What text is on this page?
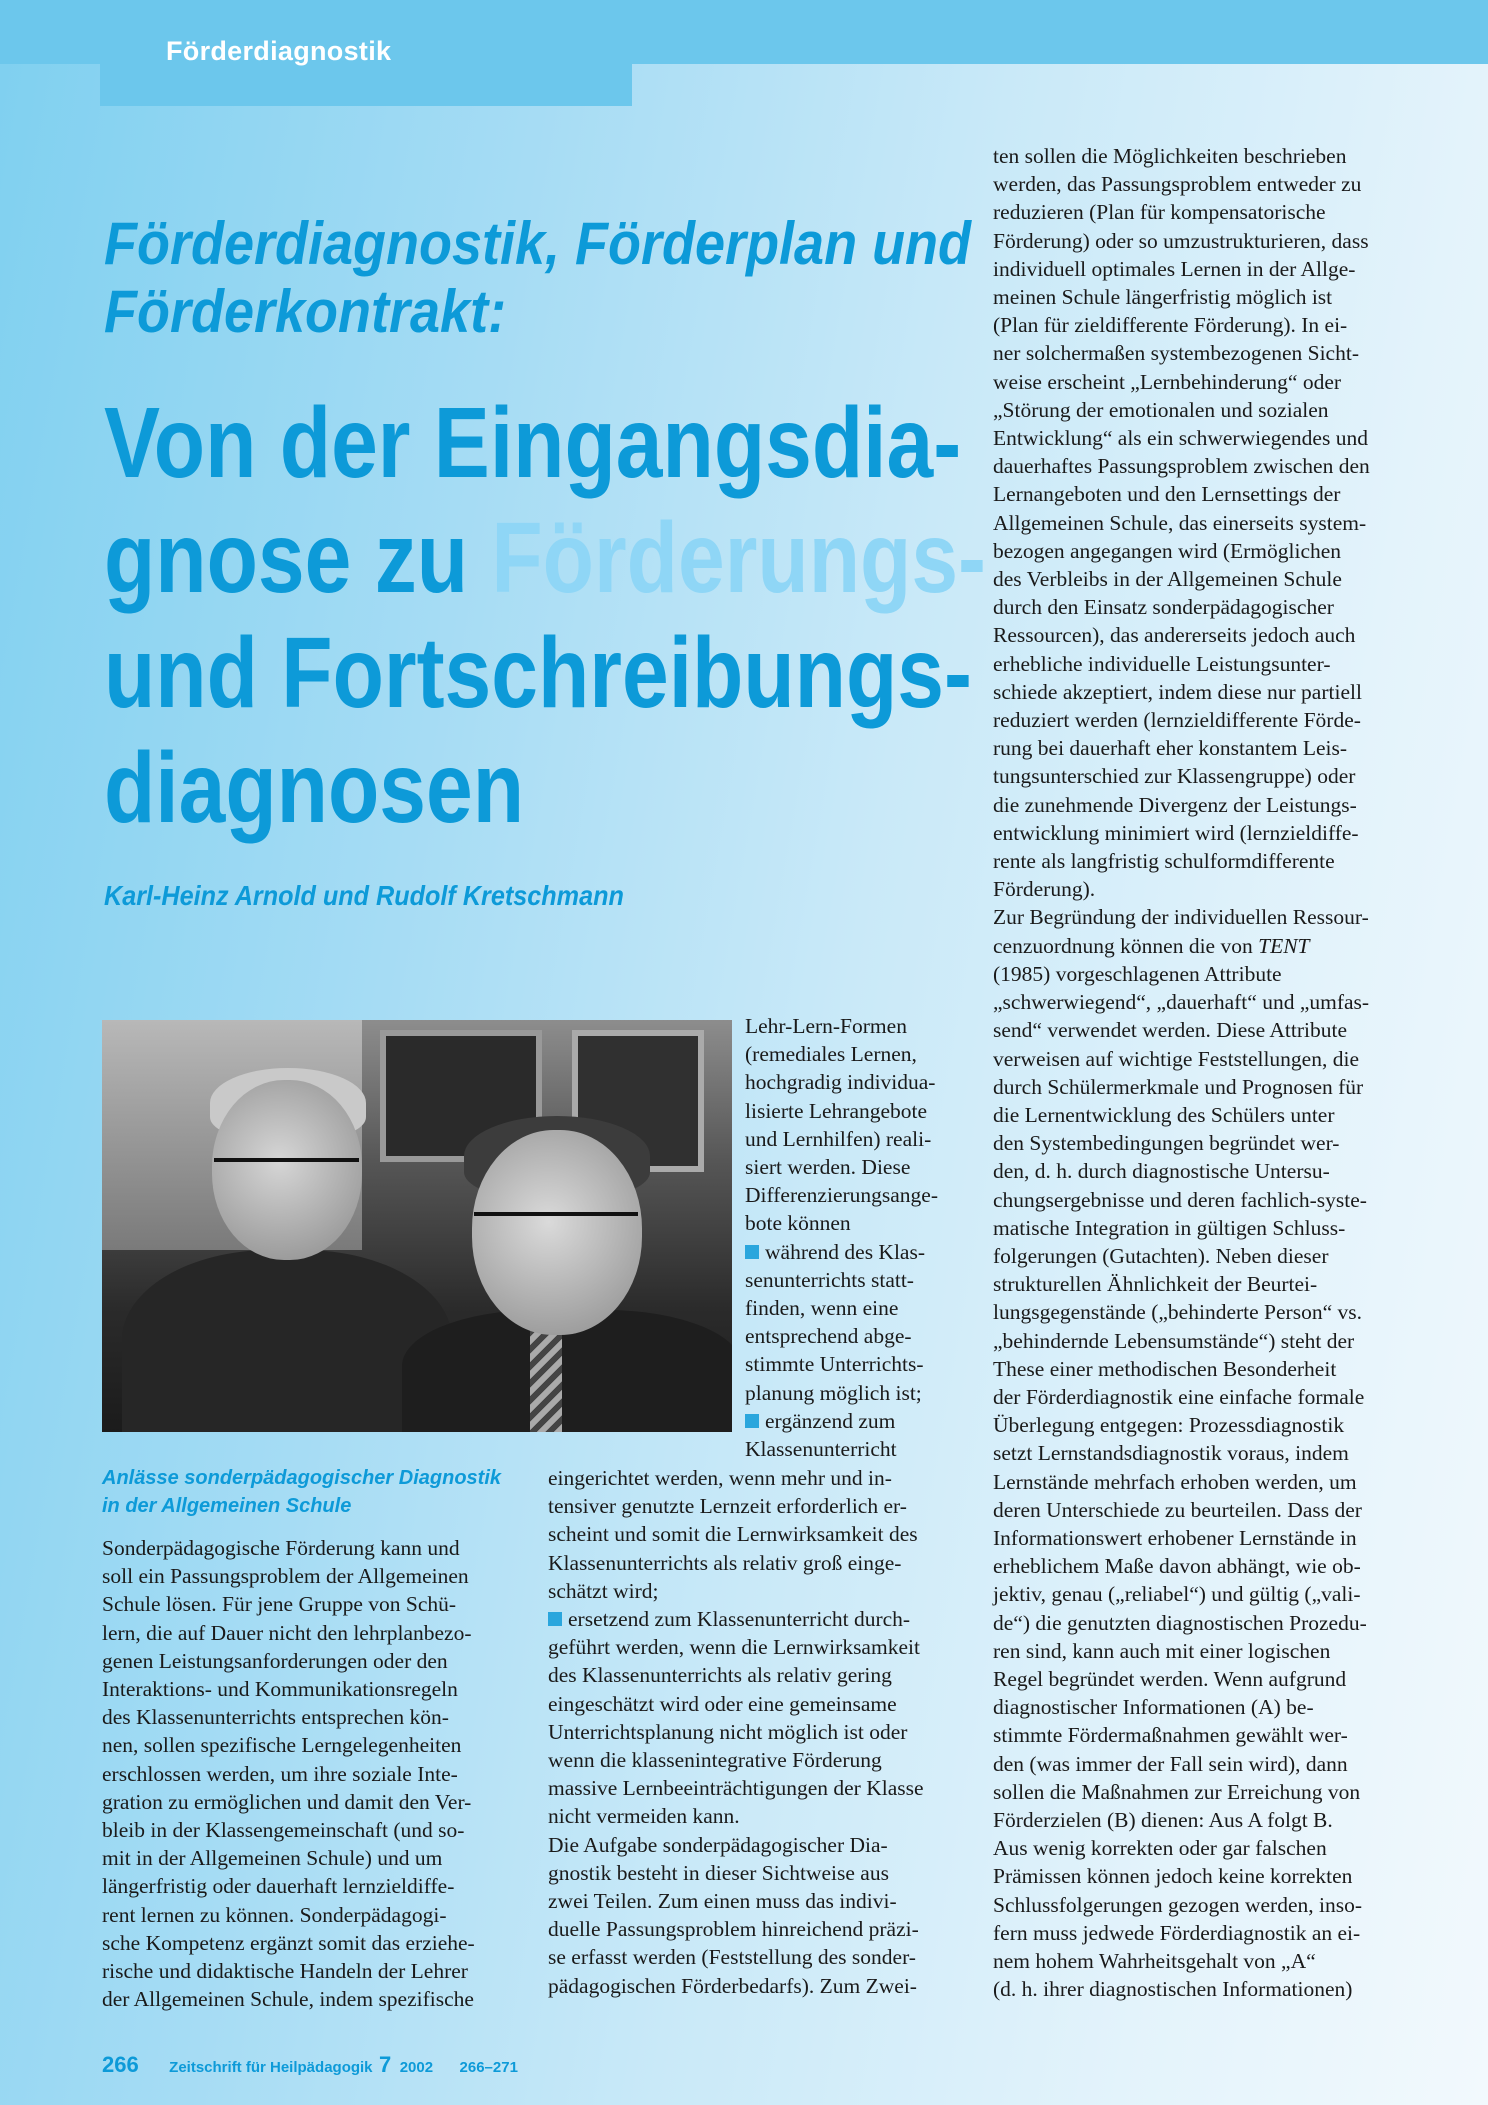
Förderdiagnostik
Förderdiagnostik, Förderplan und
Förderkontrakt:
Von der Eingangsdia-
gnose zu Förderungs-
und Fortschreibungs-
diagnosen
Karl-Heinz Arnold und Rudolf Kretschmann
Anlässe sonderpädagogischer Diagnostik
in der Allgemeinen Schule
Sonderpädagogische Förderung kann und
soll ein Passungsproblem der Allgemeinen
Schule lösen. Für jene Gruppe von Schü-
lern, die auf Dauer nicht den lehrplanbezo-
genen Leistungsanforderungen oder den
Interaktions- und Kommunikationsregeln
des Klassenunterrichts entsprechen kön-
nen, sollen spezifische Lerngelegenheiten
erschlossen werden, um ihre soziale Inte-
gration zu ermöglichen und damit den Ver-
bleib in der Klassengemeinschaft (und so-
mit in der Allgemeinen Schule) und um
längerfristig oder dauerhaft lernzieldiffe-
rent lernen zu können. Sonderpädagogi-
sche Kompetenz ergänzt somit das erziehe-
rische und didaktische Handeln der Lehrer
der Allgemeinen Schule, indem spezifische
Lehr-Lern-Formen
(remediales Lernen,
hochgradig individua-
lisierte Lehrangebote
und Lernhilfen) reali-
siert werden. Diese
Differenzierungsange-
bote können
während des Klas-
senunterrichts statt-
finden, wenn eine
entsprechend abge-
stimmte Unterrichts-
planung möglich ist;
ergänzend zum
Klassenunterricht
eingerichtet werden, wenn mehr und in-
tensiver genutzte Lernzeit erforderlich er-
scheint und somit die Lernwirksamkeit des
Klassenunterrichts als relativ groß einge-
schätzt wird;
ersetzend zum Klassenunterricht durch-
geführt werden, wenn die Lernwirksamkeit
des Klassenunterrichts als relativ gering
eingeschätzt wird oder eine gemeinsame
Unterrichtsplanung nicht möglich ist oder
wenn die klassenintegrative Förderung
massive Lernbeeinträchtigungen der Klasse
nicht vermeiden kann.
Die Aufgabe sonderpädagogischer Dia-
gnostik besteht in dieser Sichtweise aus
zwei Teilen. Zum einen muss das indivi-
duelle Passungsproblem hinreichend präzi-
se erfasst werden (Feststellung des sonder-
pädagogischen Förderbedarfs). Zum Zwei-
ten sollen die Möglichkeiten beschrieben
werden, das Passungsproblem entweder zu
reduzieren (Plan für kompensatorische
Förderung) oder so umzustrukturieren, dass
individuell optimales Lernen in der Allge-
meinen Schule längerfristig möglich ist
(Plan für zieldifferente Förderung). In ei-
ner solchermaßen systembezogenen Sicht-
weise erscheint „Lernbehinderung“ oder
„Störung der emotionalen und sozialen
Entwicklung“ als ein schwerwiegendes und
dauerhaftes Passungsproblem zwischen den
Lernangeboten und den Lernsettings der
Allgemeinen Schule, das einerseits system-
bezogen angegangen wird (Ermöglichen
des Verbleibs in der Allgemeinen Schule
durch den Einsatz sonderpädagogischer
Ressourcen), das andererseits jedoch auch
erhebliche individuelle Leistungsunter-
schiede akzeptiert, indem diese nur partiell
reduziert werden (lernzieldifferente Förde-
rung bei dauerhaft eher konstantem Leis-
tungsunterschied zur Klassengruppe) oder
die zunehmende Divergenz der Leistungs-
entwicklung minimiert wird (lernzieldiffe-
rente als langfristig schulformdifferente
Förderung).
Zur Begründung der individuellen Ressour-
cenzuordnung können die von TENT
(1985) vorgeschlagenen Attribute
„schwerwiegend“, „dauerhaft“ und „umfas-
send“ verwendet werden. Diese Attribute
verweisen auf wichtige Feststellungen, die
durch Schülermerkmale und Prognosen für
die Lernentwicklung des Schülers unter
den Systembedingungen begründet wer-
den, d. h. durch diagnostische Untersu-
chungsergebnisse und deren fachlich-syste-
matische Integration in gültigen Schluss-
folgerungen (Gutachten). Neben dieser
strukturellen Ähnlichkeit der Beurtei-
lungsgegenstände („behinderte Person“ vs.
„behindernde Lebensumstände“) steht der
These einer methodischen Besonderheit
der Förderdiagnostik eine einfache formale
Überlegung entgegen: Prozessdiagnostik
setzt Lernstandsdiagnostik voraus, indem
Lernstände mehrfach erhoben werden, um
deren Unterschiede zu beurteilen. Dass der
Informationswert erhobener Lernstände in
erheblichem Maße davon abhängt, wie ob-
jektiv, genau („reliabel“) und gültig („vali-
de“) die genutzten diagnostischen Prozedu-
ren sind, kann auch mit einer logischen
Regel begründet werden. Wenn aufgrund
diagnostischer Informationen (A) be-
stimmte Fördermaßnahmen gewählt wer-
den (was immer der Fall sein wird), dann
sollen die Maßnahmen zur Erreichung von
Förderzielen (B) dienen: Aus A folgt B.
Aus wenig korrekten oder gar falschen
Prämissen können jedoch keine korrekten
Schlussfolgerungen gezogen werden, inso-
fern muss jedwede Förderdiagnostik an ei-
nem hohem Wahrheitsgehalt von „A“
(d. h. ihrer diagnostischen Informationen)
266 Zeitschrift für Heilpädagogik 7 2002 266–271
